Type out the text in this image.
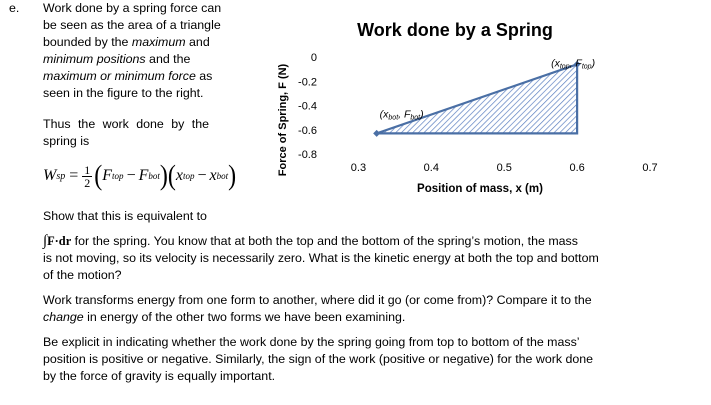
e. Work done by a spring force can

be seen as the area of a triangle

bounded by the maximum and

minimum positions and the

maximum or minimum force as

seen in the figure to the right.

Thus the work done by the

spring is

W sp = $\frac{1}{2}$ ( F top − F bot ) ( x top − x bot )
Work done by a Spring
Force of Spring, F (N)
Position of mass, x (m)
0
-0.2
-0.4
-0.6
-0.8
0.3	0.4	0.5	0.6	0.7
(xtop, Ftop)
(xbot, Fbot)

Show that this is equivalent to

∫F·dr for the spring. You know that at both the top and the bottom of the spring’s motion, the mass

is not moving, so its velocity is necessarily zero. What is the kinetic energy at both the top and bottom

of the motion?

Work transforms energy from one form to another, where did it go (or come from)? Compare it to the

change in energy of the other two forms we have been examining.

Be explicit in indicating whether the work done by the spring going from top to bottom of the mass’

position is positive or negative. Similarly, the sign of the work (positive or negative) for the work done

by the force of gravity is equally important.
